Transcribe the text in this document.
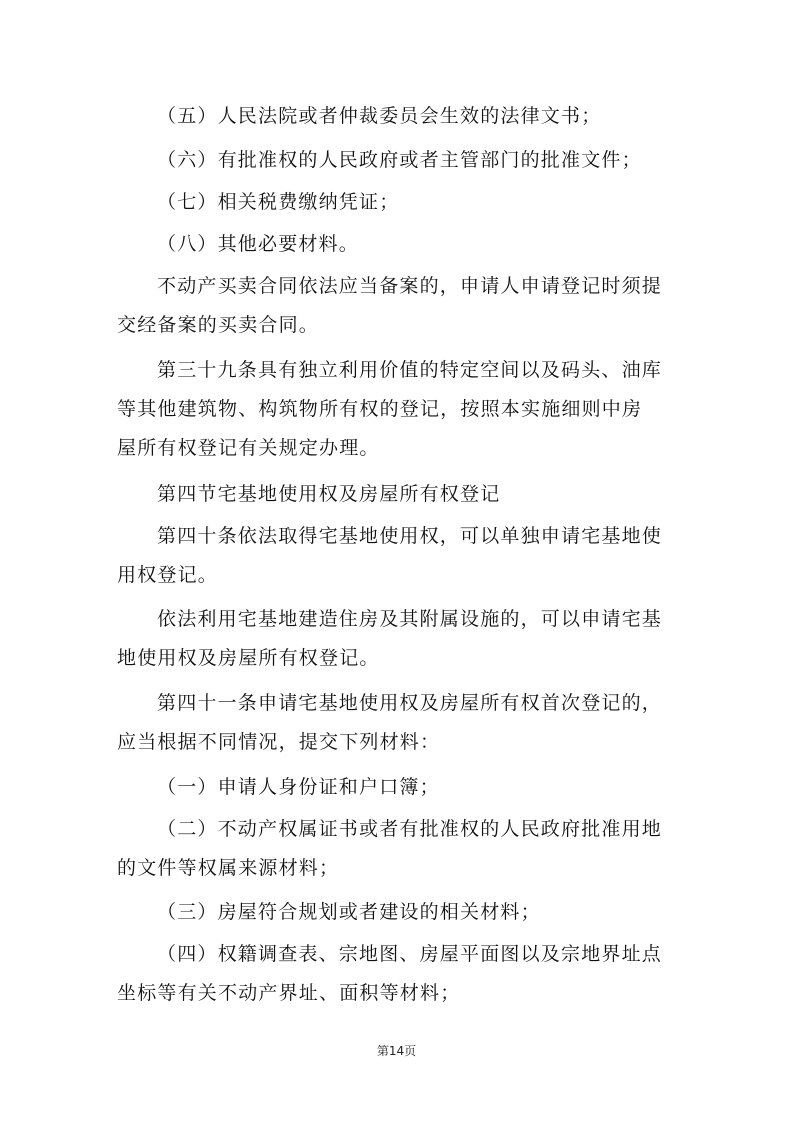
（五）人民法院或者仲裁委员会生效的法律文书；

（六）有批准权的人民政府或者主管部门的批准文件；

（七）相关税费缴纳凭证；

（八）其他必要材料。

不动产买卖合同依法应当备案的，申请人申请登记时须提交经备案的买卖合同。

第三十九条具有独立利用价值的特定空间以及码头、油库等其他建筑物、构筑物所有权的登记，按照本实施细则中房屋所有权登记有关规定办理。

第四节宅基地使用权及房屋所有权登记

第四十条依法取得宅基地使用权，可以单独申请宅基地使用权登记。

依法利用宅基地建造住房及其附属设施的，可以申请宅基地使用权及房屋所有权登记。

第四十一条申请宅基地使用权及房屋所有权首次登记的，应当根据不同情况，提交下列材料：

（一）申请人身份证和户口簿；

（二）不动产权属证书或者有批准权的人民政府批准用地的文件等权属来源材料；

（三）房屋符合规划或者建设的相关材料；

（四）权籍调查表、宗地图、房屋平面图以及宗地界址点坐标等有关不动产界址、面积等材料；

第14页
